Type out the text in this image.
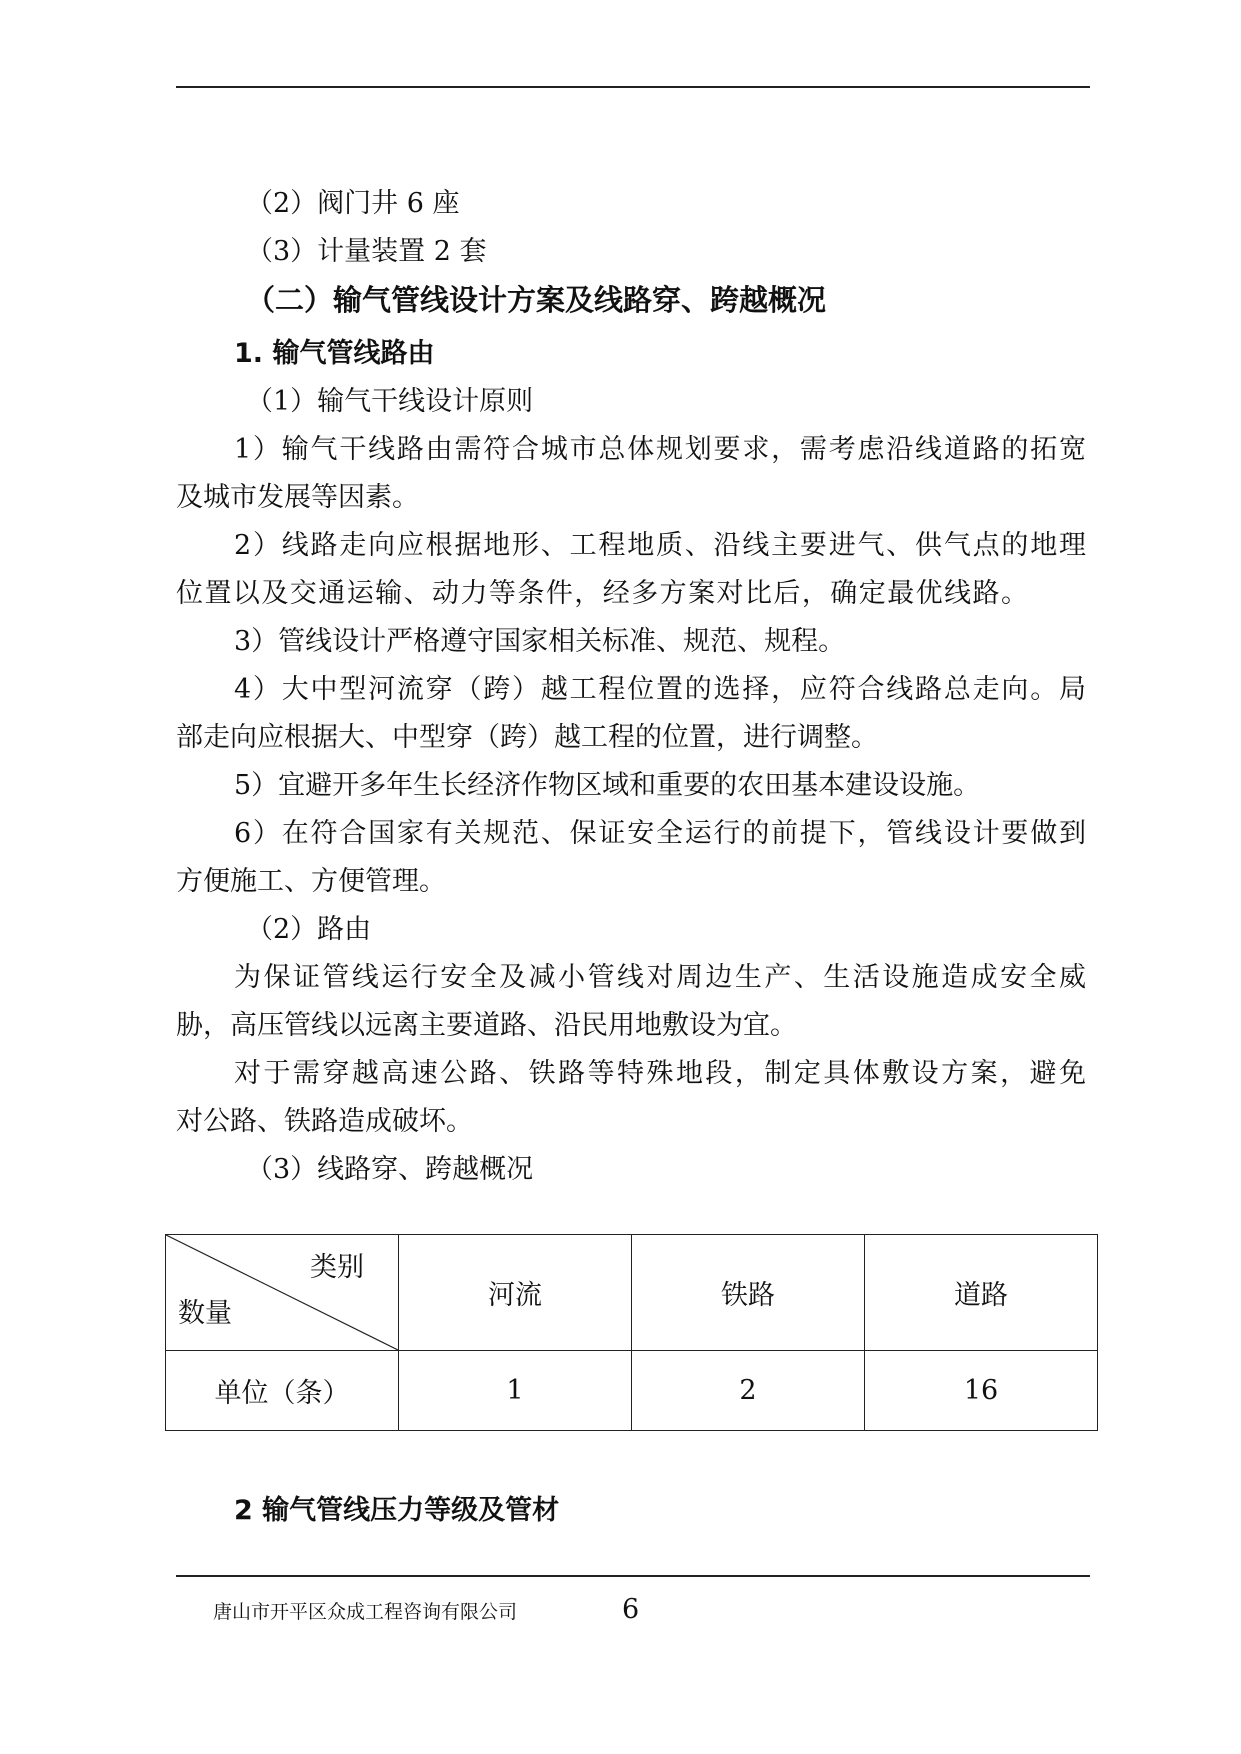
（2）阀门井 6 座
（3）计量装置 2 套
（二）输气管线设计方案及线路穿、跨越概况
1. 输气管线路由
（1）输气干线设计原则
1）输气干线路由需符合城市总体规划要求，需考虑沿线道路的拓宽
及城市发展等因素。
2）线路走向应根据地形、工程地质、沿线主要进气、供气点的地理
位置以及交通运输、动力等条件，经多方案对比后，确定最优线路。
3）管线设计严格遵守国家相关标准、规范、规程。
4）大中型河流穿（跨）越工程位置的选择，应符合线路总走向。局
部走向应根据大、中型穿（跨）越工程的位置，进行调整。
5）宜避开多年生长经济作物区域和重要的农田基本建设设施。
6）在符合国家有关规范、保证安全运行的前提下，管线设计要做到
方便施工、方便管理。
（2）路由
为保证管线运行安全及减小管线对周边生产、生活设施造成安全威
胁，高压管线以远离主要道路、沿民用地敷设为宜。
对于需穿越高速公路、铁路等特殊地段，制定具体敷设方案，避免
对公路、铁路造成破坏。
（3）线路穿、跨越概况
类别
数量	河流	铁路	道路
单位（条）	1	2	16
2 输气管线压力等级及管材
唐山市开平区众成工程咨询有限公司	6
